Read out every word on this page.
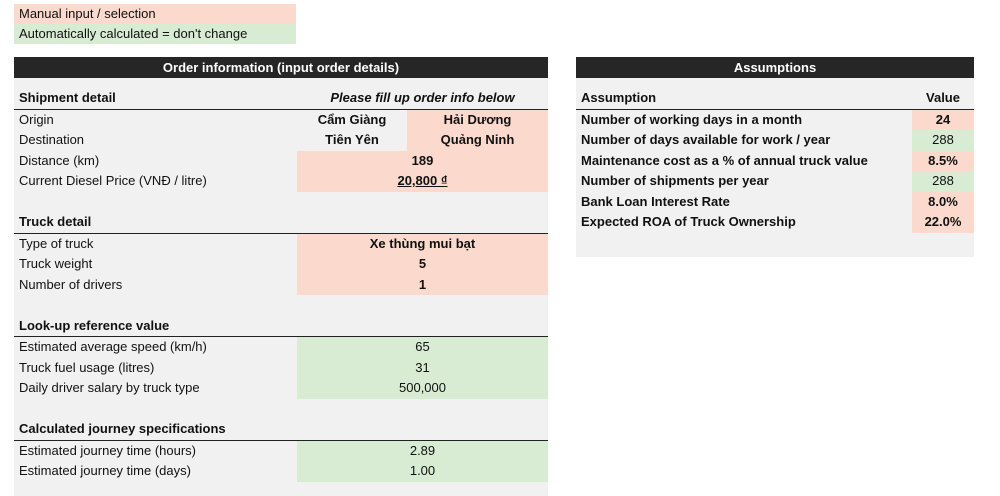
Manual input / selection
Automatically calculated = don't change
Order information (input order details)
Shipment detail	Please fill up order info below
Origin	Cẩm Giàng	Hải Dương
Destination	Tiên Yên	Quảng Ninh
Distance (km)	189
Current Diesel Price (VNĐ / litre)	20,800 ₫
Truck detail
Type of truck	Xe thùng mui bạt
Truck weight	5
Number of drivers	1
Look-up reference value
Estimated average speed (km/h)	65
Truck fuel usage (litres)	31
Daily driver salary by truck type	500,000
Calculated journey specifications
Estimated journey time (hours)	2.89
Estimated journey time (days)	1.00
Assumptions
Assumption	Value
Number of working days in a month	24
Number of days available for work / year	288
Maintenance cost as a % of annual truck value	8.5%
Number of shipments per year	288
Bank Loan Interest Rate	8.0%
Expected ROA of Truck Ownership	22.0%
